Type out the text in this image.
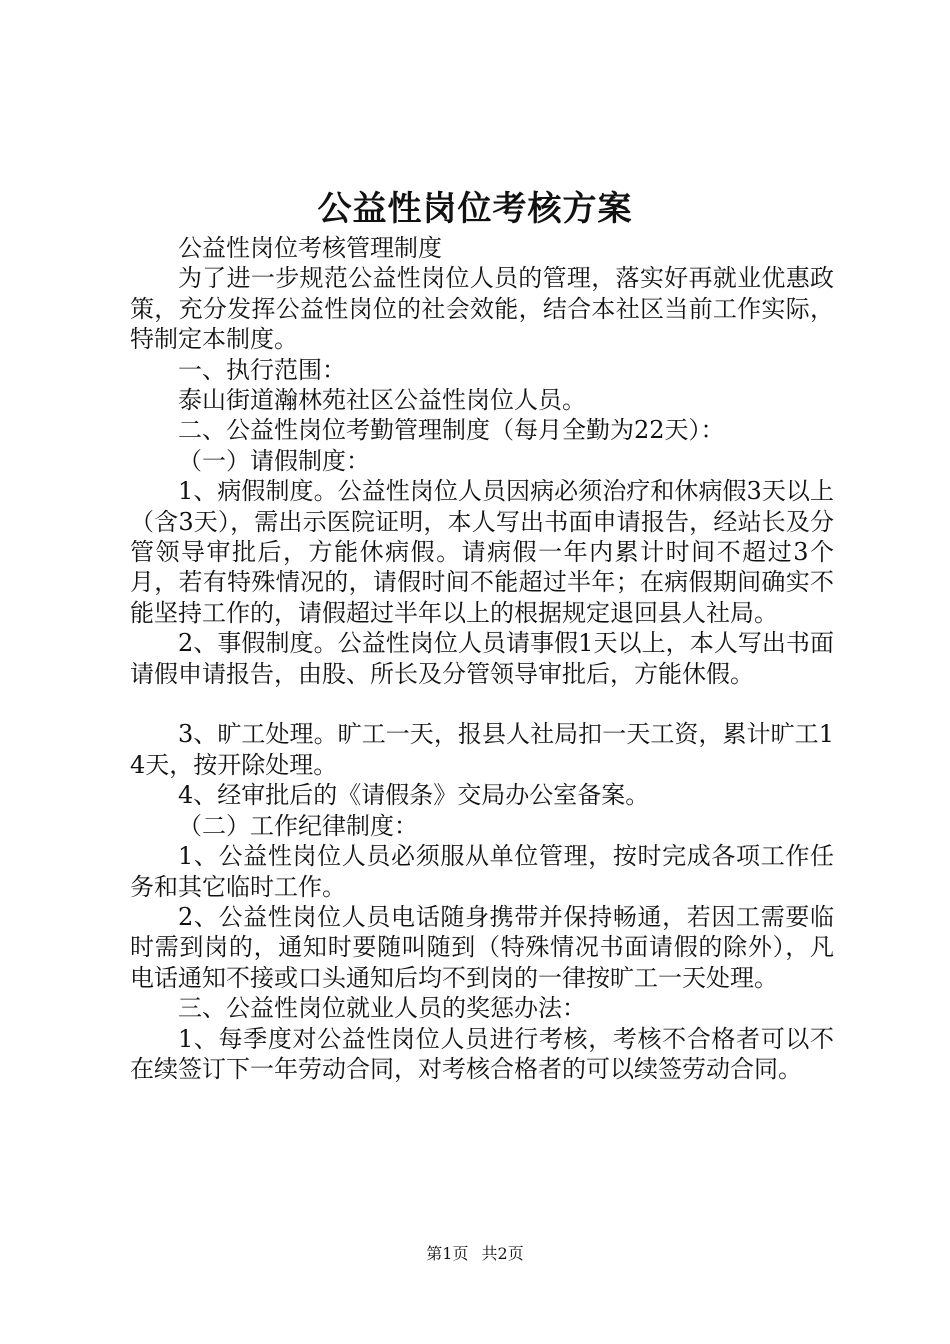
公益性岗位考核方案

公益性岗位考核管理制度

为了进一步规范公益性岗位人员的管理，落实好再就业优惠政策，充分发挥公益性岗位的社会效能，结合本社区当前工作实际，特制定本制度。

一、执行范围：

泰山街道瀚林苑社区公益性岗位人员。

二、公益性岗位考勤管理制度（每月全勤为22天）：

（一）请假制度：

1、病假制度。公益性岗位人员因病必须治疗和休病假3天以上（含3天），需出示医院证明，本人写出书面申请报告，经站长及分管领导审批后，方能休病假。请病假一年内累计时间不超过3个月，若有特殊情况的，请假时间不能超过半年；在病假期间确实不能坚持工作的，请假超过半年以上的根据规定退回县人社局。

2、事假制度。公益性岗位人员请事假1天以上，本人写出书面请假申请报告，由股、所长及分管领导审批后，方能休假。

3、旷工处理。旷工一天，报县人社局扣一天工资，累计旷工14天，按开除处理。

4、经审批后的《请假条》交局办公室备案。

（二）工作纪律制度：

1、公益性岗位人员必须服从单位管理，按时完成各项工作任务和其它临时工作。

2、公益性岗位人员电话随身携带并保持畅通，若因工需要临时需到岗的，通知时要随叫随到（特殊情况书面请假的除外），凡电话通知不接或口头通知后均不到岗的一律按旷工一天处理。

三、公益性岗位就业人员的奖惩办法：

1、每季度对公益性岗位人员进行考核，考核不合格者可以不在续签订下一年劳动合同，对考核合格者的可以续签劳动合同。

第1页 共2页
